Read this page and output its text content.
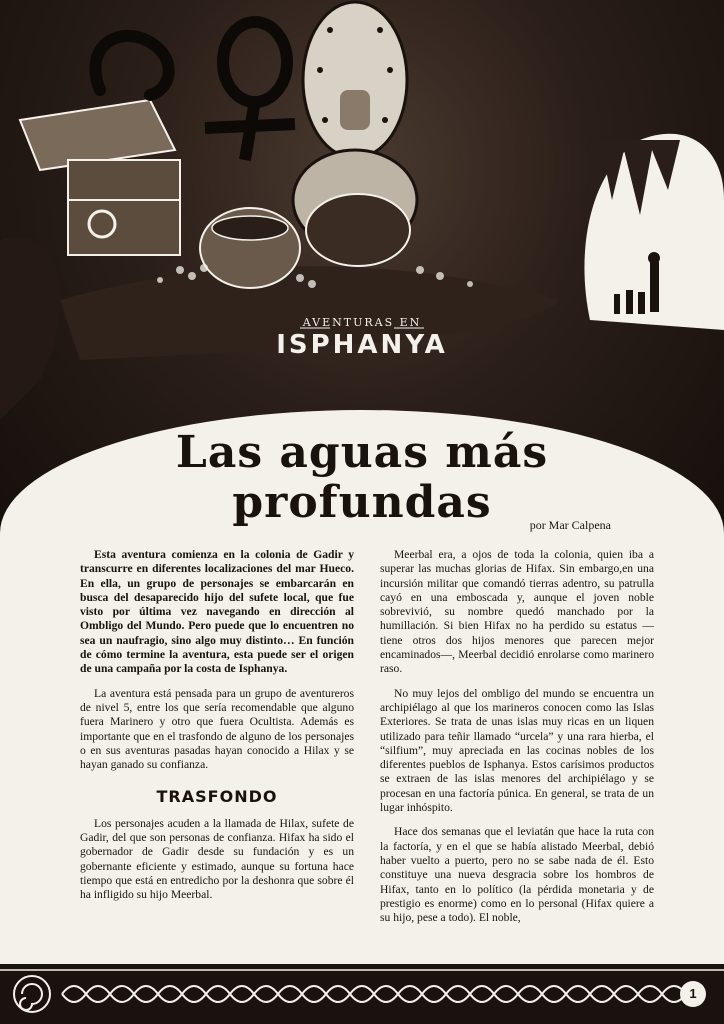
AVENTURAS EN
ISPHANYA
Las aguas más
profundas	por Mar Calpena

Esta aventura comienza en la colonia de Gadir y transcurre en diferentes localizaciones del mar Hueco. En ella, un grupo de personajes se embarcarán en busca del desaparecido hijo del sufete local, que fue visto por última vez navegando en dirección al Ombligo del Mundo. Pero puede que lo encuentren no sea un naufragio, sino algo muy distinto… En función de cómo termine la aventura, esta puede ser el origen de una campaña por la costa de Isphanya.

La aventura está pensada para un grupo de aventureros de nivel 5, entre los que sería recomendable que alguno fuera Marinero y otro que fuera Ocultista. Además es importante que en el trasfondo de alguno de los personajes o en sus aventuras pasadas hayan conocido a Hilax y se hayan ganado su confianza.

TRASFONDO

Los personajes acuden a la llamada de Hilax, sufete de Gadir, del que son personas de confianza. Hifax ha sido el gobernador de Gadir desde su fundación y es un gobernante eficiente y estimado, aunque su fortuna hace tiempo que está en entredicho por la deshonra que sobre él ha infligido su hijo Meerbal.

Meerbal era, a ojos de toda la colonia, quien iba a superar las muchas glorias de Hifax. Sin embargo,en una incursión militar que comandó tierras adentro, su patrulla cayó en una emboscada y, aunque el joven noble sobrevivió, su nombre quedó manchado por la humillación. Si bien Hifax no ha perdido su estatus —tiene otros dos hijos menores que parecen mejor encaminados—, Meerbal decidió enrolarse como marinero raso.

No muy lejos del ombligo del mundo se encuentra un archipiélago al que los marineros conocen como las Islas Exteriores. Se trata de unas islas muy ricas en un liquen utilizado para teñir llamado “urcela” y una rara hierba, el “silfium”, muy apreciada en las cocinas nobles de los diferentes pueblos de Isphanya. Estos carísimos productos se extraen de las islas menores del archipiélago y se procesan en una factoría púnica. En general, se trata de un lugar inhóspito.

Hace dos semanas que el leviatán que hace la ruta con la factoría, y en el que se había alistado Meerbal, debió haber vuelto a puerto, pero no se sabe nada de él. Esto constituye una nueva desgracia sobre los hombros de Hifax, tanto en lo político (la pérdida monetaria y de prestigio es enorme) como en lo personal (Hifax quiere a su hijo, pese a todo). El noble,

1
